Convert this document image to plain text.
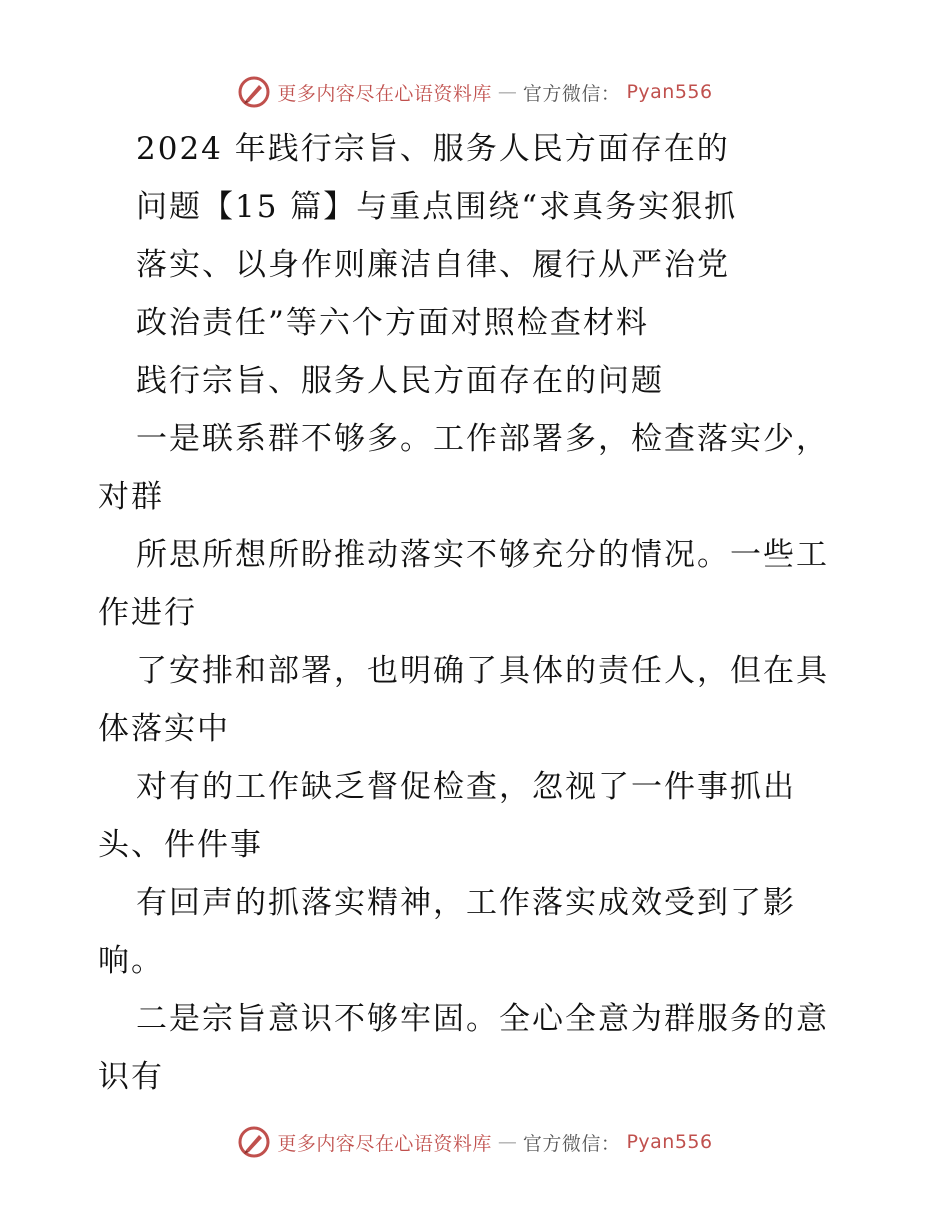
更多内容尽在心语资料库 — 官方微信： Pyan556
2024 年践行宗旨、服务人民方面存在的
问题【15 篇】与重点围绕“求真务实狠抓
落实、以身作则廉洁自律、履行从严治党
政治责任”等六个方面对照检查材料
践行宗旨、服务人民方面存在的问题
一是联系群不够多。工作部署多，检查落实少，
对群
所思所想所盼推动落实不够充分的情况。一些工
作进行
了安排和部署，也明确了具体的责任人，但在具
体落实中
对有的工作缺乏督促检查，忽视了一件事抓出
头、件件事
有回声的抓落实精神，工作落实成效受到了影
响。
二是宗旨意识不够牢固。全心全意为群服务的意
识有
更多内容尽在心语资料库 — 官方微信： Pyan556
